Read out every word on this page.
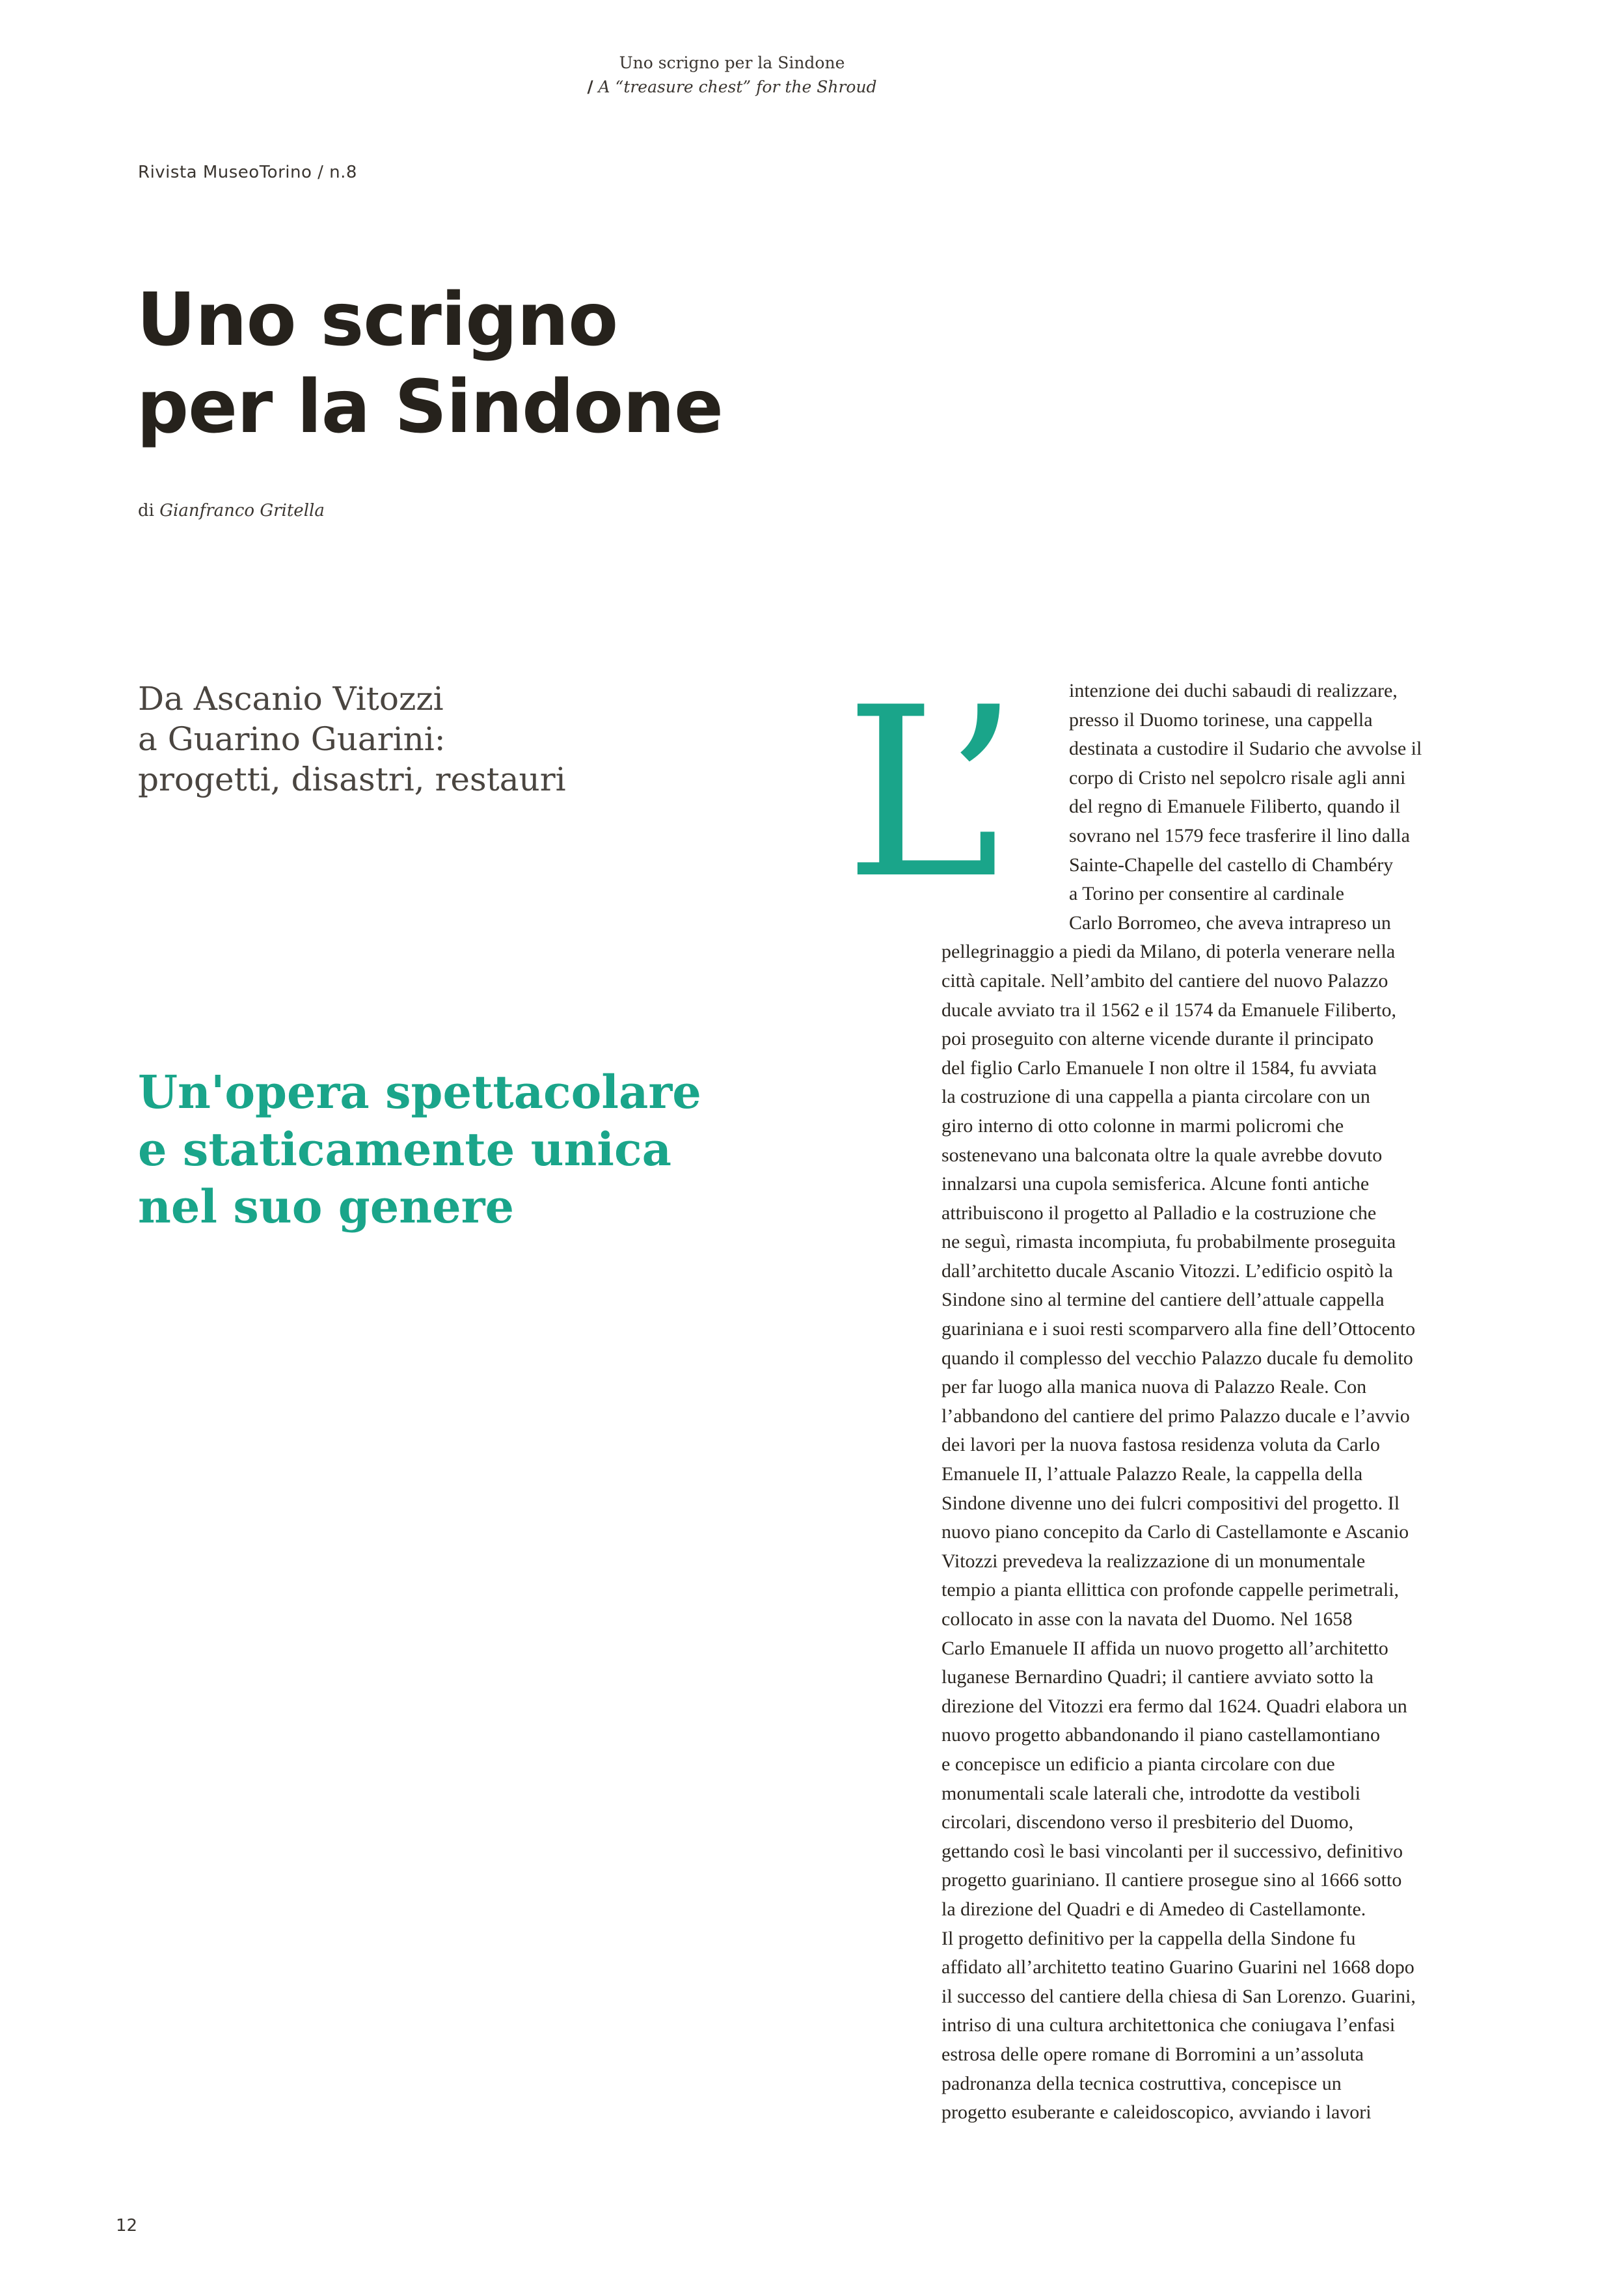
Uno scrigno per la Sindone
/ A “treasure chest” for the Shroud
Rivista MuseoTorino / n.8
Uno scrigno
per la Sindone
di Gianfranco Gritella
Da Ascanio Vitozzi
a Guarino Guarini:
progetti, disastri, restauri
Un'opera spettacolare
e staticamente unica
nel suo genere
L’	intenzione dei duchi sabaudi di realizzare,
presso il Duomo torinese, una cappella
destinata a custodire il Sudario che avvolse il
corpo di Cristo nel sepolcro risale agli anni
del regno di Emanuele Filiberto, quando il
sovrano nel 1579 fece trasferire il lino dalla
Sainte-Chapelle del castello di Chambéry
a Torino per consentire al cardinale
Carlo Borromeo, che aveva intrapreso un
pellegrinaggio a piedi da Milano, di poterla venerare nella
città capitale. Nell’ambito del cantiere del nuovo Palazzo
ducale avviato tra il 1562 e il 1574 da Emanuele Filiberto,
poi proseguito con alterne vicende durante il principato
del figlio Carlo Emanuele I non oltre il 1584, fu avviata
la costruzione di una cappella a pianta circolare con un
giro interno di otto colonne in marmi policromi che
sostenevano una balconata oltre la quale avrebbe dovuto
innalzarsi una cupola semisferica. Alcune fonti antiche
attribuiscono il progetto al Palladio e la costruzione che
ne seguì, rimasta incompiuta, fu probabilmente proseguita
dall’architetto ducale Ascanio Vitozzi. L’edificio ospitò la
Sindone sino al termine del cantiere dell’attuale cappella
guariniana e i suoi resti scomparvero alla fine dell’Ottocento
quando il complesso del vecchio Palazzo ducale fu demolito
per far luogo alla manica nuova di Palazzo Reale. Con
l’abbandono del cantiere del primo Palazzo ducale e l’avvio
dei lavori per la nuova fastosa residenza voluta da Carlo
Emanuele II, l’attuale Palazzo Reale, la cappella della
Sindone divenne uno dei fulcri compositivi del progetto. Il
nuovo piano concepito da Carlo di Castellamonte e Ascanio
Vitozzi prevedeva la realizzazione di un monumentale
tempio a pianta ellittica con profonde cappelle perimetrali,
collocato in asse con la navata del Duomo. Nel 1658
Carlo Emanuele II affida un nuovo progetto all’architetto
luganese Bernardino Quadri; il cantiere avviato sotto la
direzione del Vitozzi era fermo dal 1624. Quadri elabora un
nuovo progetto abbandonando il piano castellamontiano
e concepisce un edificio a pianta circolare con due
monumentali scale laterali che, introdotte da vestiboli
circolari, discendono verso il presbiterio del Duomo,
gettando così le basi vincolanti per il successivo, definitivo
progetto guariniano. Il cantiere prosegue sino al 1666 sotto
la direzione del Quadri e di Amedeo di Castellamonte.
Il progetto definitivo per la cappella della Sindone fu
affidato all’architetto teatino Guarino Guarini nel 1668 dopo
il successo del cantiere della chiesa di San Lorenzo. Guarini,
intriso di una cultura architettonica che coniugava l’enfasi
estrosa delle opere romane di Borromini a un’assoluta
padronanza della tecnica costruttiva, concepisce un
progetto esuberante e caleidoscopico, avviando i lavori
12
